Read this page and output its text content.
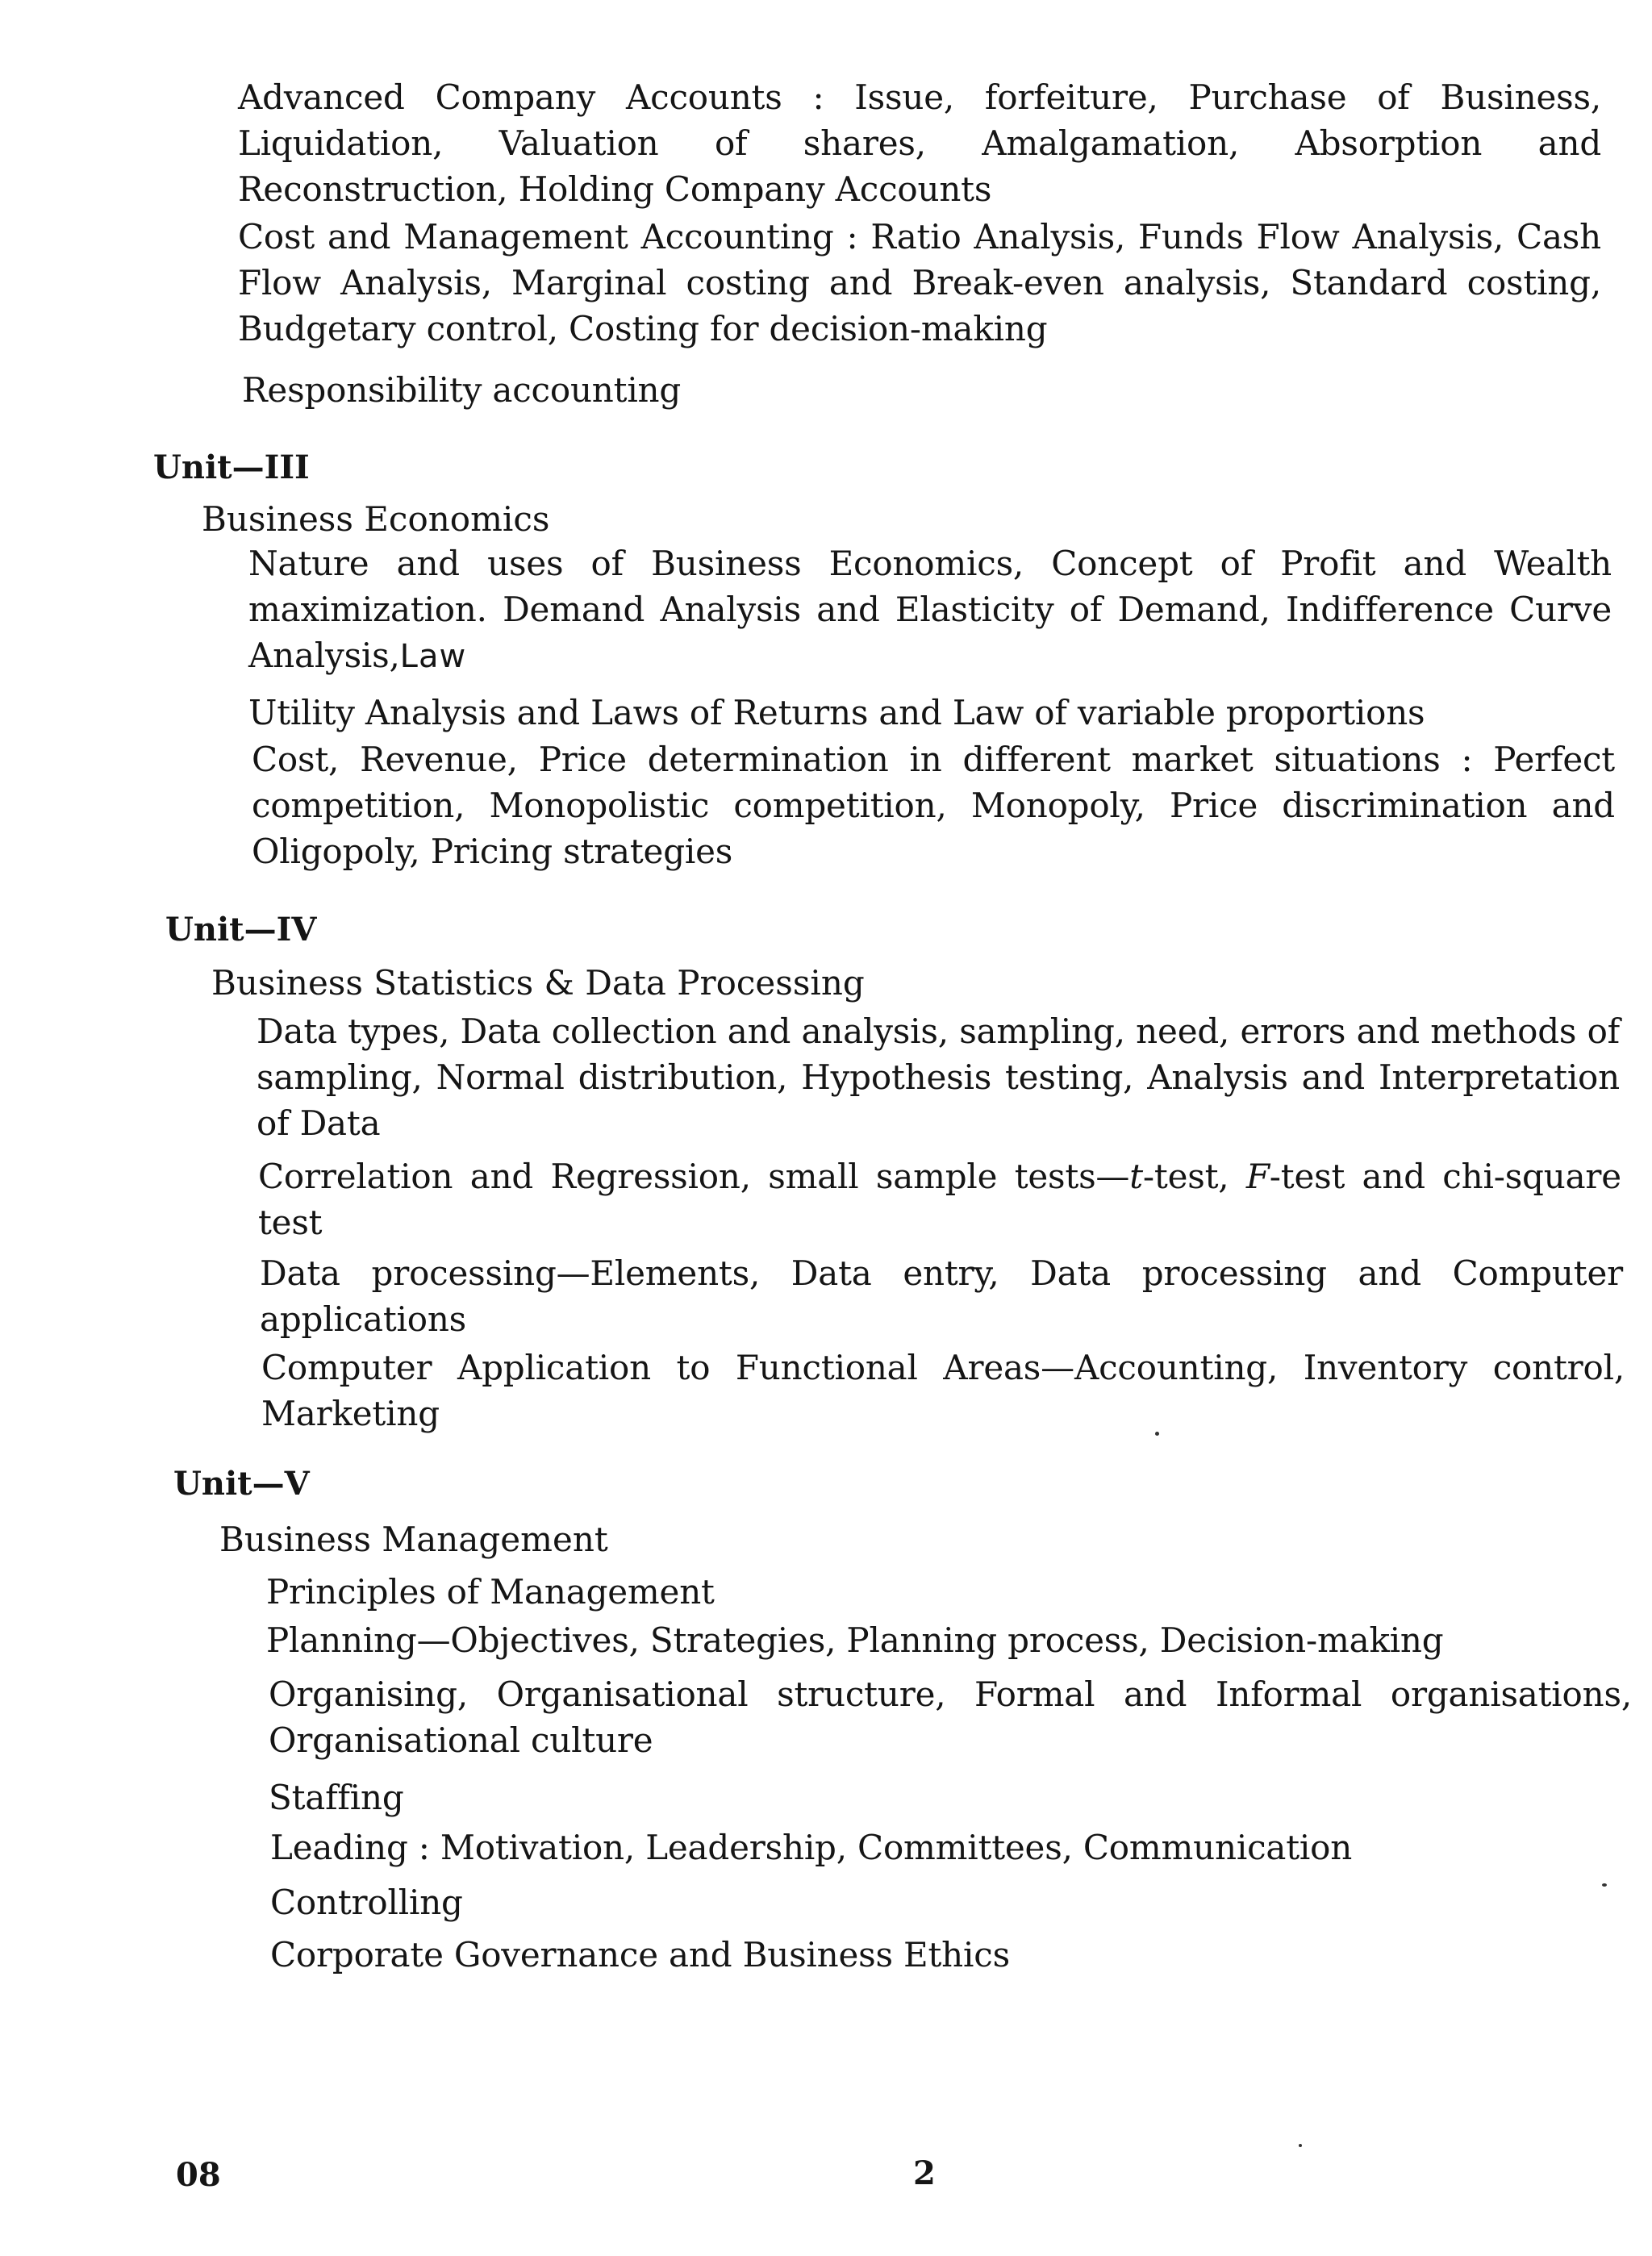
Advanced Company Accounts : Issue, forfeiture, Purchase of Business, Liquidation, Valuation of shares, Amalgamation, Absorption and Reconstruction, Holding Company Accounts
Cost and Management Accounting : Ratio Analysis, Funds Flow Analysis, Cash Flow Analysis, Marginal costing and Break-even analysis, Standard costing, Budgetary control, Costing for decision-making
Responsibility accounting
Unit—III
Business Economics
Nature and uses of Business Economics, Concept of Profit and Wealth maximization. Demand Analysis and Elasticity of Demand, Indifference Curve Analysis,Law
Utility Analysis and Laws of Returns and Law of variable proportions
Cost, Revenue, Price determination in different market situations : Perfect competition, Monopolistic competition, Monopoly, Price discrimination and Oligopoly, Pricing strategies
Unit—IV
Business Statistics & Data Processing
Data types, Data collection and analysis, sampling, need, errors and methods of sampling, Normal distribution, Hypothesis testing, Analysis and Interpretation of Data
Correlation and Regression, small sample tests—t-test, F-test and chi-square test
Data processing—Elements, Data entry, Data processing and Computer applications
Computer Application to Functional Areas—Accounting, Inventory control, Marketing
Unit—V
Business Management
Principles of Management
Planning—Objectives, Strategies, Planning process, Decision-making
Organising, Organisational structure, Formal and Informal organisations, Organisational culture
Staffing
Leading : Motivation, Leadership, Committees, Communication
Controlling
Corporate Governance and Business Ethics
08	2
